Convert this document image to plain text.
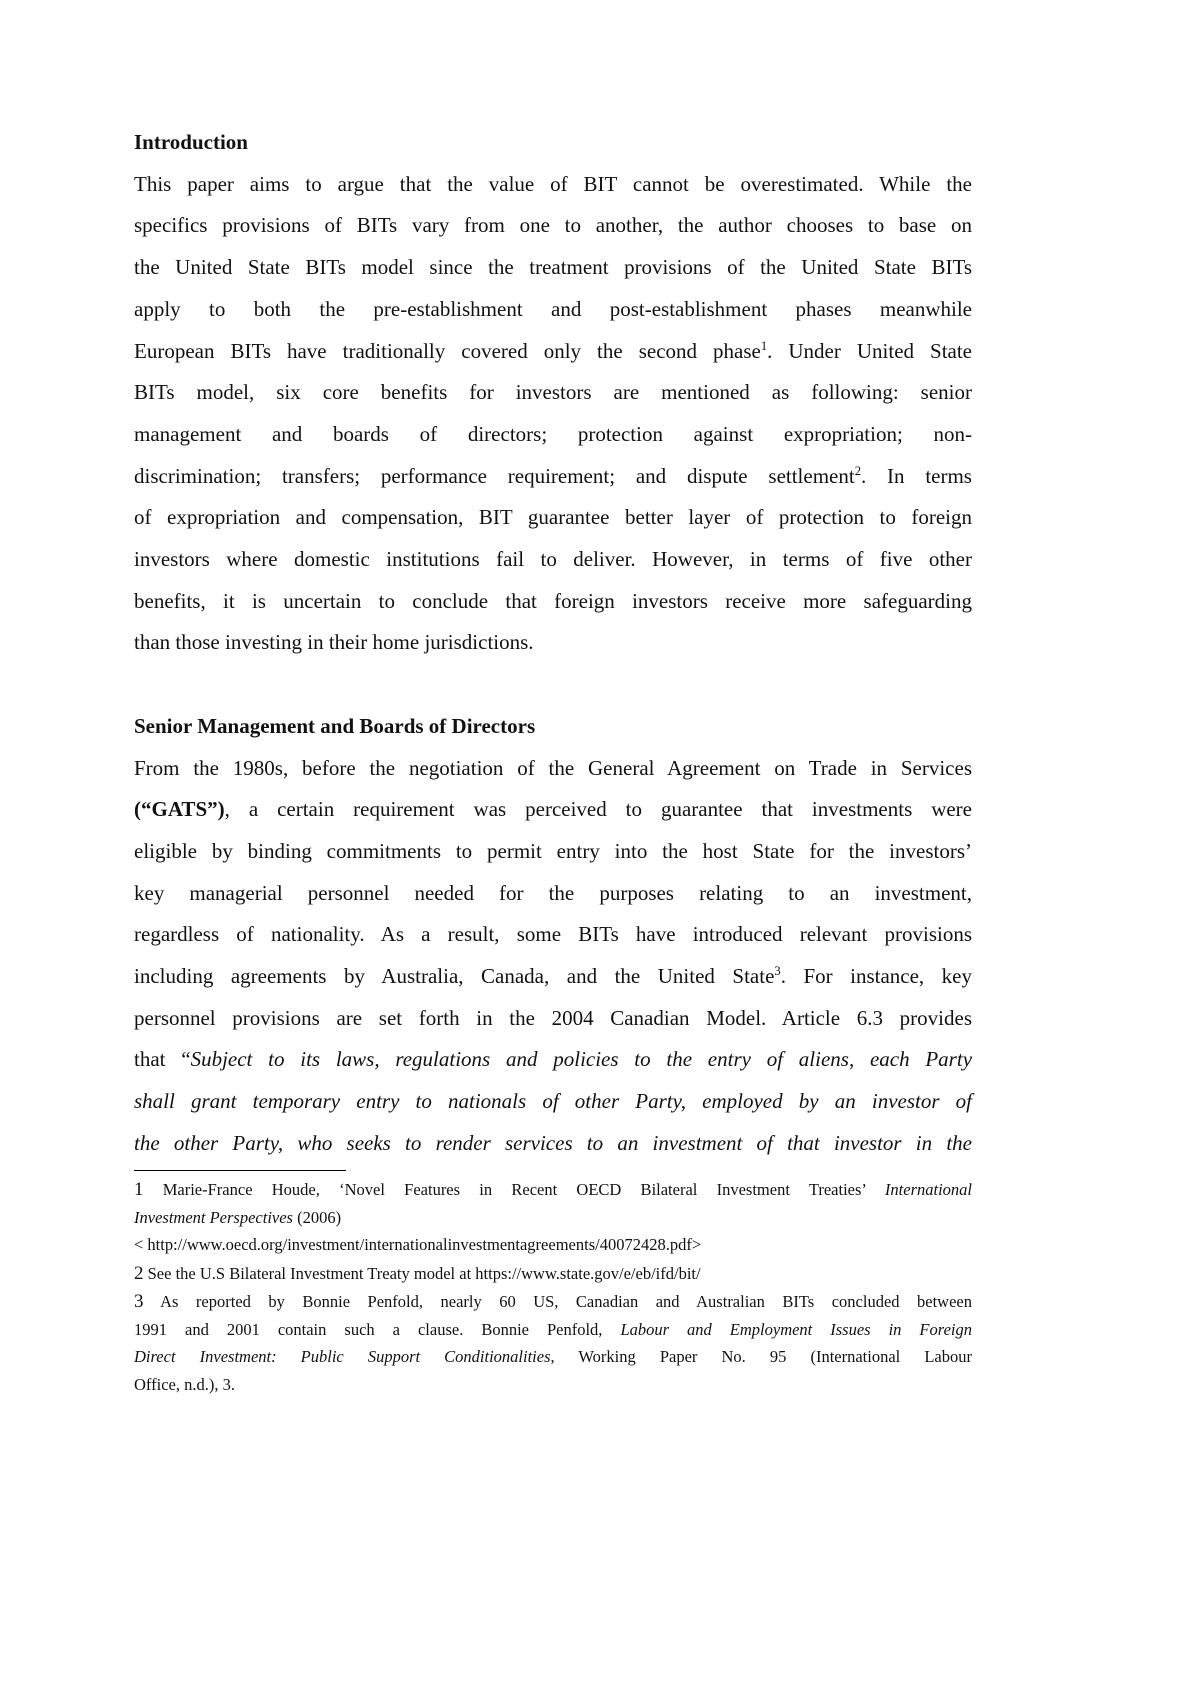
Introduction
This paper aims to argue that the value of BIT cannot be overestimated. While the
specifics provisions of BITs vary from one to another, the author chooses to base on
the United State BITs model since the treatment provisions of the United State BITs
apply to both the pre-establishment and post-establishment phases meanwhile
European BITs have traditionally covered only the second phase$^1$. Under United State
BITs model, six core benefits for investors are mentioned as following: senior
management and boards of directors; protection against expropriation; non-
discrimination; transfers; performance requirement; and dispute settlement$^2$. In terms
of expropriation and compensation, BIT guarantee better layer of protection to foreign
investors where domestic institutions fail to deliver. However, in terms of five other
benefits, it is uncertain to conclude that foreign investors receive more safeguarding
than those investing in their home jurisdictions.
Senior Management and Boards of Directors
From the 1980s, before the negotiation of the General Agreement on Trade in Services
(“GATS”), a certain requirement was perceived to guarantee that investments were
eligible by binding commitments to permit entry into the host State for the investors’
key managerial personnel needed for the purposes relating to an investment,
regardless of nationality. As a result, some BITs have introduced relevant provisions
including agreements by Australia, Canada, and the United State$^3$. For instance, key
personnel provisions are set forth in the 2004 Canadian Model. Article 6.3 provides
that “Subject to its laws, regulations and policies to the entry of aliens, each Party
shall grant temporary entry to nationals of other Party, employed by an investor of
the other Party, who seeks to render services to an investment of that investor in the
1 Marie-France Houde, ‘Novel Features in Recent OECD Bilateral Investment Treaties’ International
Investment Perspectives (2006)
< http://www.oecd.org/investment/internationalinvestmentagreements/40072428.pdf>
2 See the U.S Bilateral Investment Treaty model at https://www.state.gov/e/eb/ifd/bit/
3 As reported by Bonnie Penfold, nearly 60 US, Canadian and Australian BITs concluded between
1991 and 2001 contain such a clause. Bonnie Penfold, Labour and Employment Issues in Foreign
Direct Investment: Public Support Conditionalities, Working Paper No. 95 (International Labour
Office, n.d.), 3.
